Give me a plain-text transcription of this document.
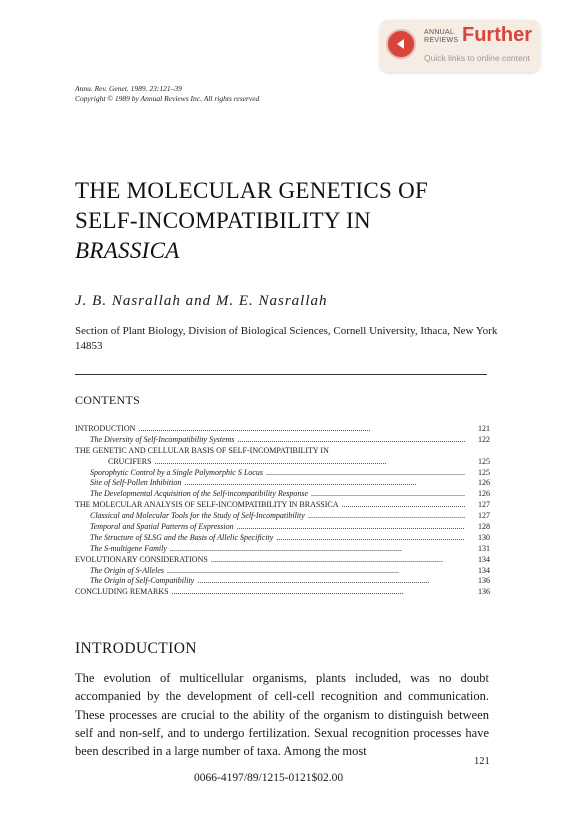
ANNUAL
REVIEWS Further
Quick links to online content
Annu. Rev. Genet. 1989. 23:121–39
Copyright © 1989 by Annual Reviews Inc. All rights reserved
THE MOLECULAR GENETICS OF
SELF-INCOMPATIBILITY IN
BRASSICA
J. B. Nasrallah and M. E. Nasrallah
Section of Plant Biology, Division of Biological Sciences, Cornell University, Ithaca, New York 14853
CONTENTS
INTRODUCTION . . .	121
The Diversity of Self-Incompatibility Systems . . .	122
THE GENETIC AND CELLULAR BASIS OF SELF-INCOMPATIBILITY IN
CRUCIFERS . . .	125
Sporophytic Control by a Single Polymorphic S Locus . . .	125
Site of Self-Pollen Inhibition . . .	126
The Developmental Acquisition of the Self-incompatibility Response . . .	126
THE MOLECULAR ANALYSIS OF SELF-INCOMPATIBILITY IN BRASSICA . . .	127
Classical and Molecular Tools for the Study of Self-Incompatibility . . .	127
Temporal and Spatial Patterns of Expression . . .	128
The Structure of SLSG and the Basis of Allelic Specificity . . .	130
The S-multigene Family . . .	131
EVOLUTIONARY CONSIDERATIONS . . .	134
The Origin of S-Alleles . . .	134
The Origin of Self-Compatibility . . .	136
CONCLUDING REMARKS . . .	136
INTRODUCTION

The evolution of multicellular organisms, plants included, was no doubt accompanied by the development of cell-cell recognition and communication. These processes are crucial to the ability of the organism to distinguish between self and non-self, and to undergo fertilization. Sexual recognition processes have been described in a large number of taxa. Among the most

121
0066-4197/89/1215-0121$02.00
